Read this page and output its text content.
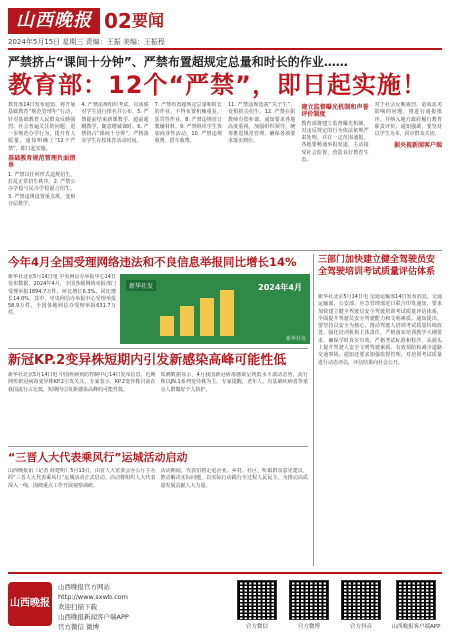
山西晚报 02 要闻
2024年5月15日 星期三 责编：王振 美编：王振程
严禁挤占“课间十分钟”、严禁布置超规定总量和时长的作业……
教育部：12个“严禁”，即日起实施！
教育部14日发布通知，将开展基础教育“规范管理年”行动，针对基础教育人民群众反映强烈、社会普遍关注的问题，进一步规范办学行为，提升育人质量。通知明确了“12个严禁”，即日起实施。
基础教育规范管理负面清单
1. 严禁以任何形式违规招生，打乱正常招生秩序。2. 严禁公办学校与民办学校混合招生。3. 严禁违规设置重点班，变相分层教学。
4. 严禁违规组织考试，以成绩对学生进行排名并公布。5. 严禁提前结束新课教学、超前超纲教学，随意增减课时。6. 严禁挤占“课间十分钟”，严格落实学生在校体育活动时间。
7. 严禁布置超规定总量和时长的作业，不得布置机械重复、惩罚性作业。8. 严禁违规征订教辅材料。9. 严禁组织学生参加商业性活动。10. 严禁违规收费，搭车收费。
11. 严禁违规选拔“尖子生”，变相掐尖招生。12. 严禁在职教师有偿补课。通知要求各地高度重视，加强组织领导，统筹推进规范管理，确保各项要求落实到位。
建立监督曝光机制和声誉评价制度
教育部将建立监督曝光机制，对违反规定的行为依法依规严肃处理，并在一定范围通报。各地要畅通举报渠道，主动接受社会监督，营造良好教育生态。
对于社会反映强烈、造成恶劣影响的问题，将进行通报批评，并纳入地方政府履行教育职责评价。通知强调，要坚持以学生为本，回应群众关切。
据央视新闻客户端
今年4月全国受理网络违法和不良信息举报同比增长14%
新华社北京5月14日电 中央网信办举报中心14日发布数据，2024年4月，全国各级网络举报部门受理举报1894.7万件，环比增长6.3%、同比增长14.0%。其中，中央网信办举报中心受理举报58.9万件，全国各地网信办受理举报631.7万件。
新华社发	2024年4月
新华社发
三部门加快建立健全驾驶员安全驾驶培训考试质量评估体系
新华社北京5月14日电 交通运输部14日发布消息，交通运输部、公安部、应急管理部近日联合印发通知，要求加快建立健全驾驶员安全驾驶培训考试质量评估体系，全面提升驾驶员安全驾驶能力和文明素质。通知提出，要坚持以安全为核心，推动驾驶人培训考试质量持续改善，强化培训机构主体责任，严格落实培训教学大纲要求，确保学时真实有效，严格考试标准和程序，从源头上提升驾驶人安全文明驾驶素质，有效预防和减少道路交通事故。通知还要求加强监督管理，对培训考试质量进行动态评估，评估结果向社会公开。
新冠KP.2变异株短期内引发新感染高峰可能性低
新华社北京5月14日电 中国疾病预防控制中心14日发布信息，近期网传新冠病毒变异株KP.2引发关注。专家表示，KP.2变异株目前在我国流行占比低，短期内引发新感染高峰的可能性低。
监测数据显示，4月我国新冠病毒感染呈现低水平波动态势，流行株以JN.1系列变异株为主。专家提醒，老年人、有基础疾病者等重点人群做好个人防护。
“三晋人大代表乘风行”运城活动启动
山西晚报讯（记者 薛建明）5月13日，由省人大常委会办公厅主办的“三晋人大代表乘风行”运城活动正式启动。活动将组织人大代表深入一线，围绕重点工作开展视察调研。
活动期间，代表们将走进企业、乡村、社区，听取群众意见建议，推动解决实际问题，以实际行动践行全过程人民民主，为推动高质量发展贡献人大力量。
山西晚报
山西晚报官方网站
http://www.sxwb.com
欢迎扫描下载
山西晚报新闻客户端APP
官方微信 微博	官方微信	官方微博	官方抖音	山西晚报客户端APP
